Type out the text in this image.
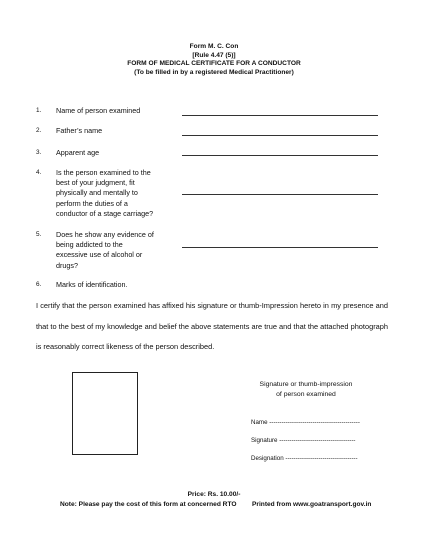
Form M. C. Con
[Rule 4.47 (5)]
FORM OF MEDICAL CERTIFICATE FOR A CONDUCTOR
(To be filled in by a registered Medical Practitioner)
1. Name of person examined
2. Father’s name
3. Apparent age
4. Is the person examined to the
best of your judgment, fit
physically and mentally to
perform the duties of a
conductor of a stage carriage?
5. Does he show any evidence of
being addicted to the
excessive use of alcohol or
drugs?
6. Marks of identification.
I certify that the person examined has affixed his signature or thumb-Impression hereto in my presence and that to the best of my knowledge and belief the above statements are true and that the attached photograph is reasonably correct likeness of the person described.
Signature or thumb-impression
of person examined
Name --------------------------------------------
Signature -------------------------------------
Designation -----------------------------------
Price: Rs. 10.00/-
Note: Please pay the cost of this form at concerned RTO Printed from www.goatransport.gov.in
